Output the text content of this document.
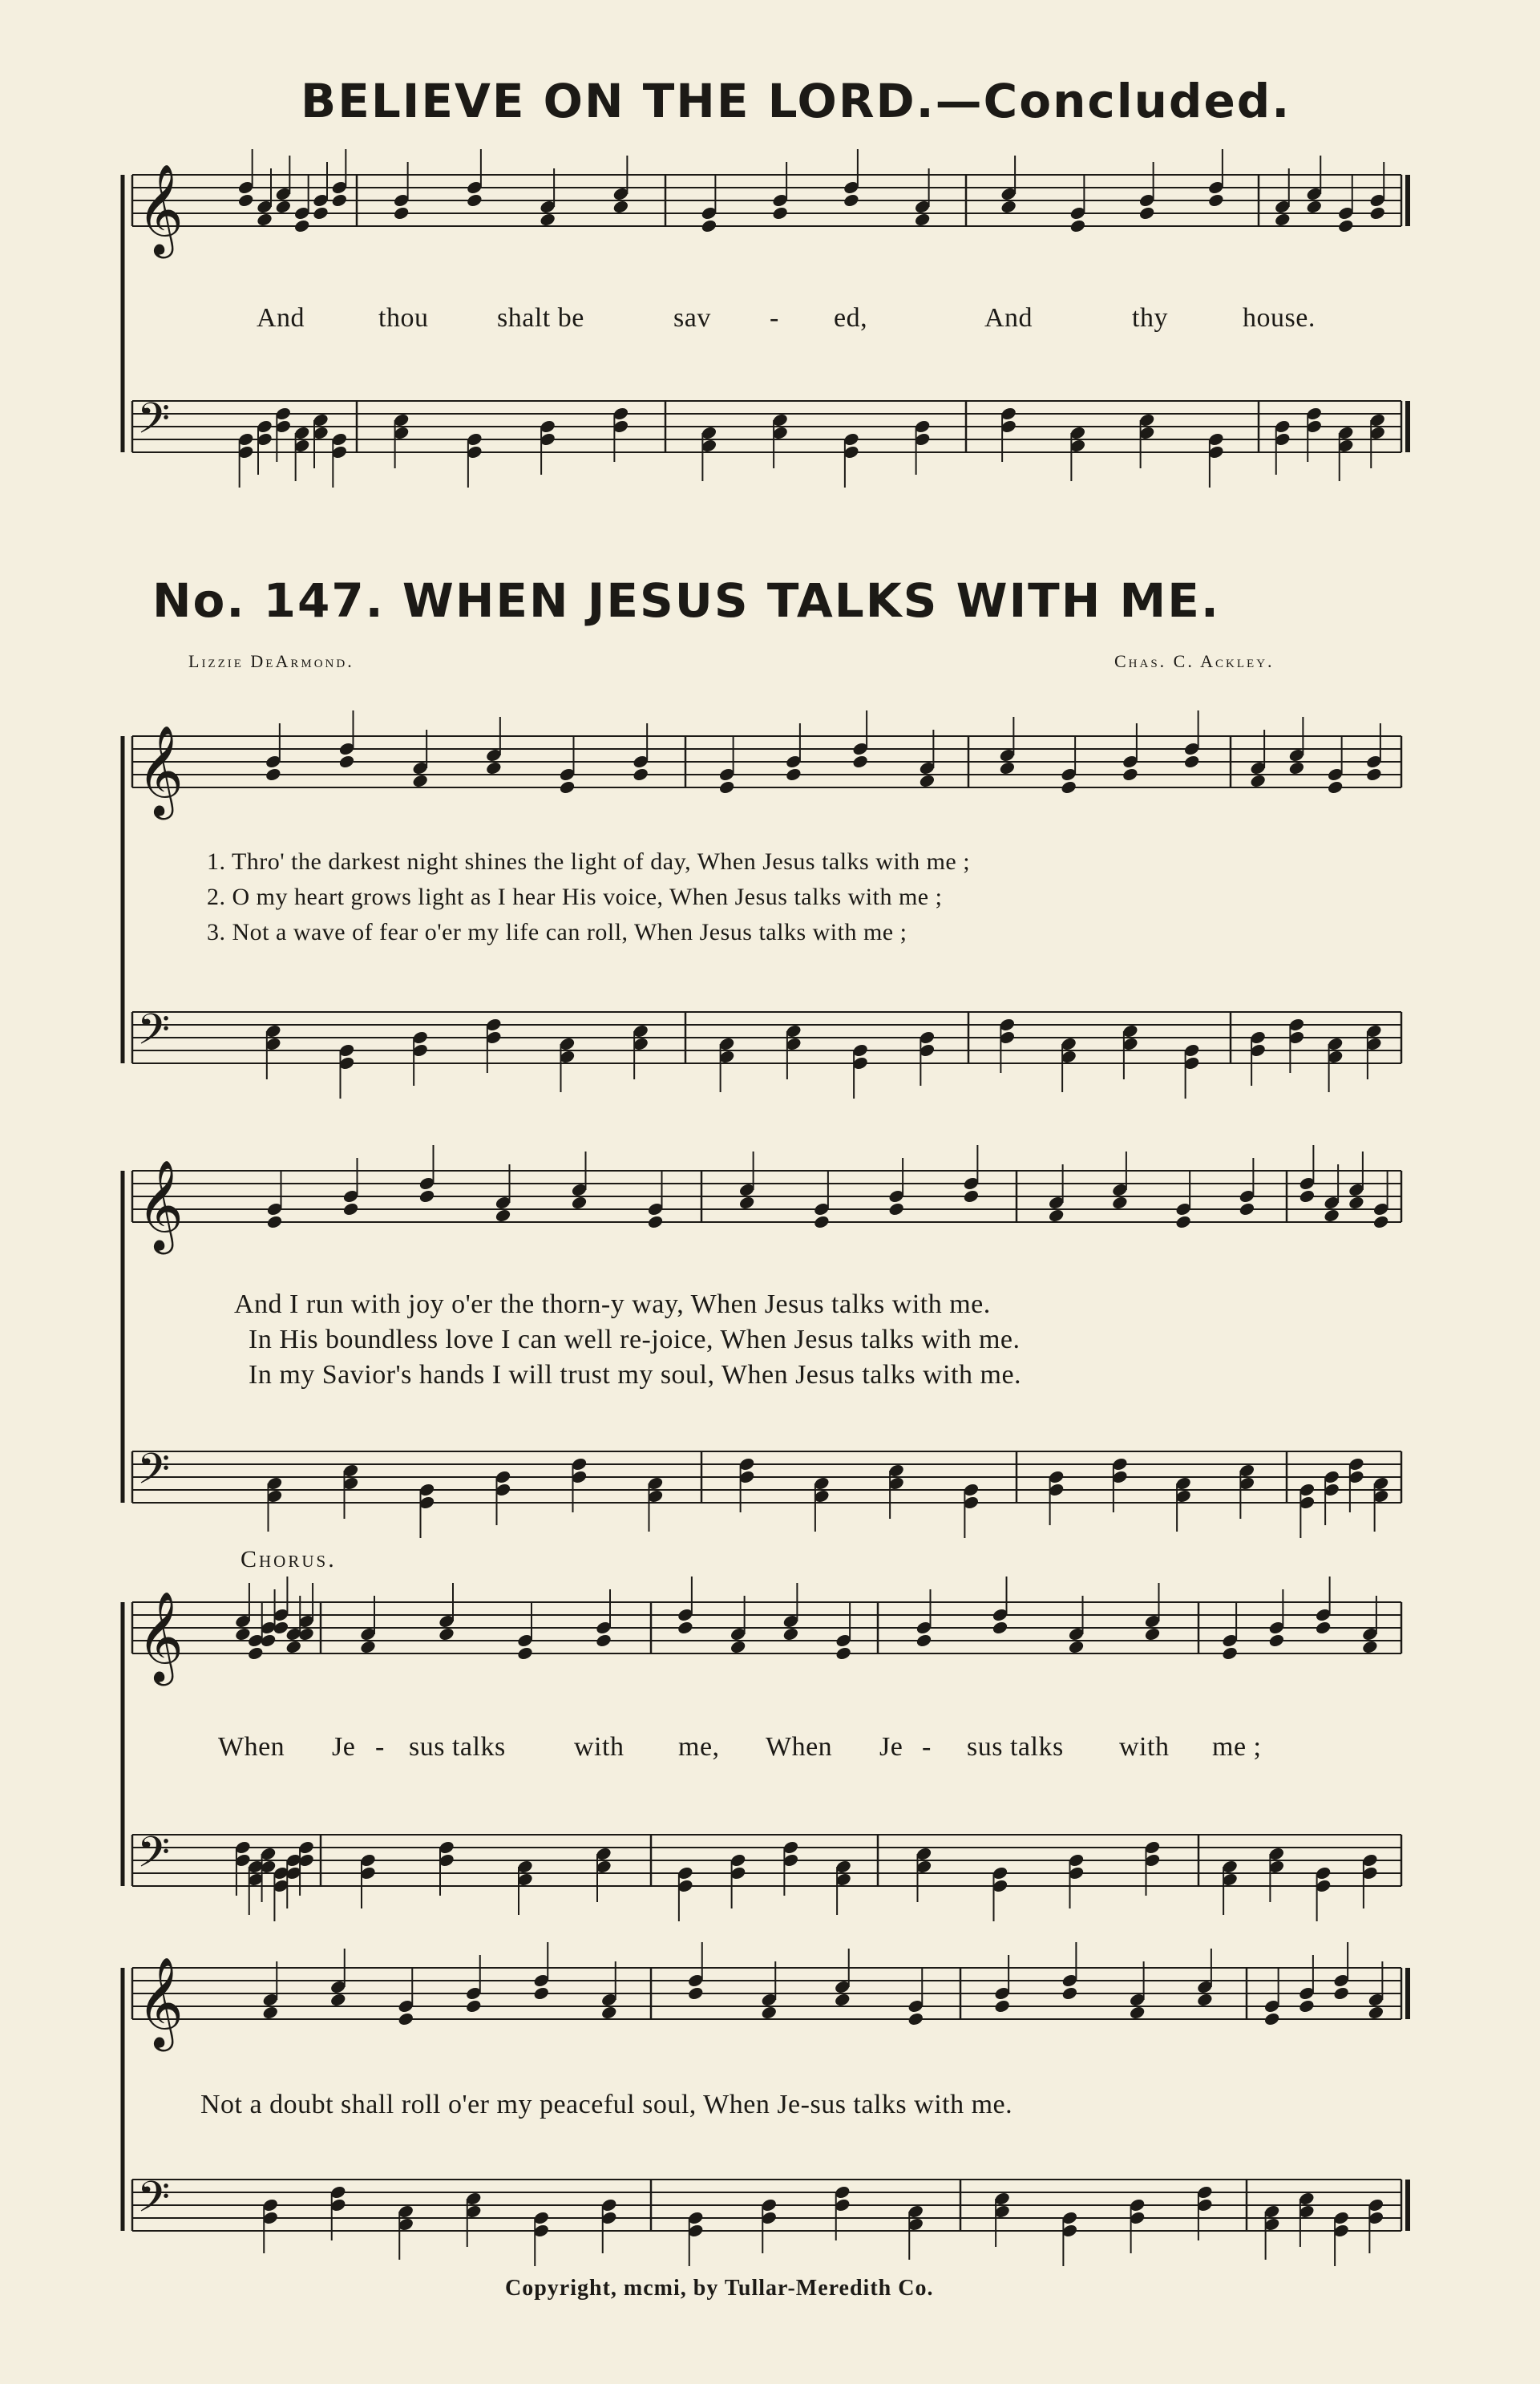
𝄞
𝄢
𝄞
𝄢
𝄞
𝄢
𝄞
𝄢
𝄞
𝄢
BELIEVE ON THE LORD.—Concluded.
And	thou	shalt be	sav - ed,	And	thy	house.
No. 147. WHEN JESUS TALKS WITH ME.
Lizzie DeArmond.	Chas. C. Ackley.
1. Thro' the darkest night shines the light of day, When Jesus talks with me ;
2. O my heart grows light as I hear His voice, When Jesus talks with me ;
3. Not a wave of fear o'er my life can roll, When Jesus talks with me ;
And I run with joy o'er the thorn-y way, When Jesus talks with me.
In His boundless love I can well re-joice, When Jesus talks with me.
In my Savior's hands I will trust my soul, When Jesus talks with me.
Chorus.
When Je - sus talks	with me, When Je - sus talks with me ;
Not a doubt shall roll o'er my peaceful soul, When Je-sus talks with me.
Copyright, mcmi, by Tullar-Meredith Co.
